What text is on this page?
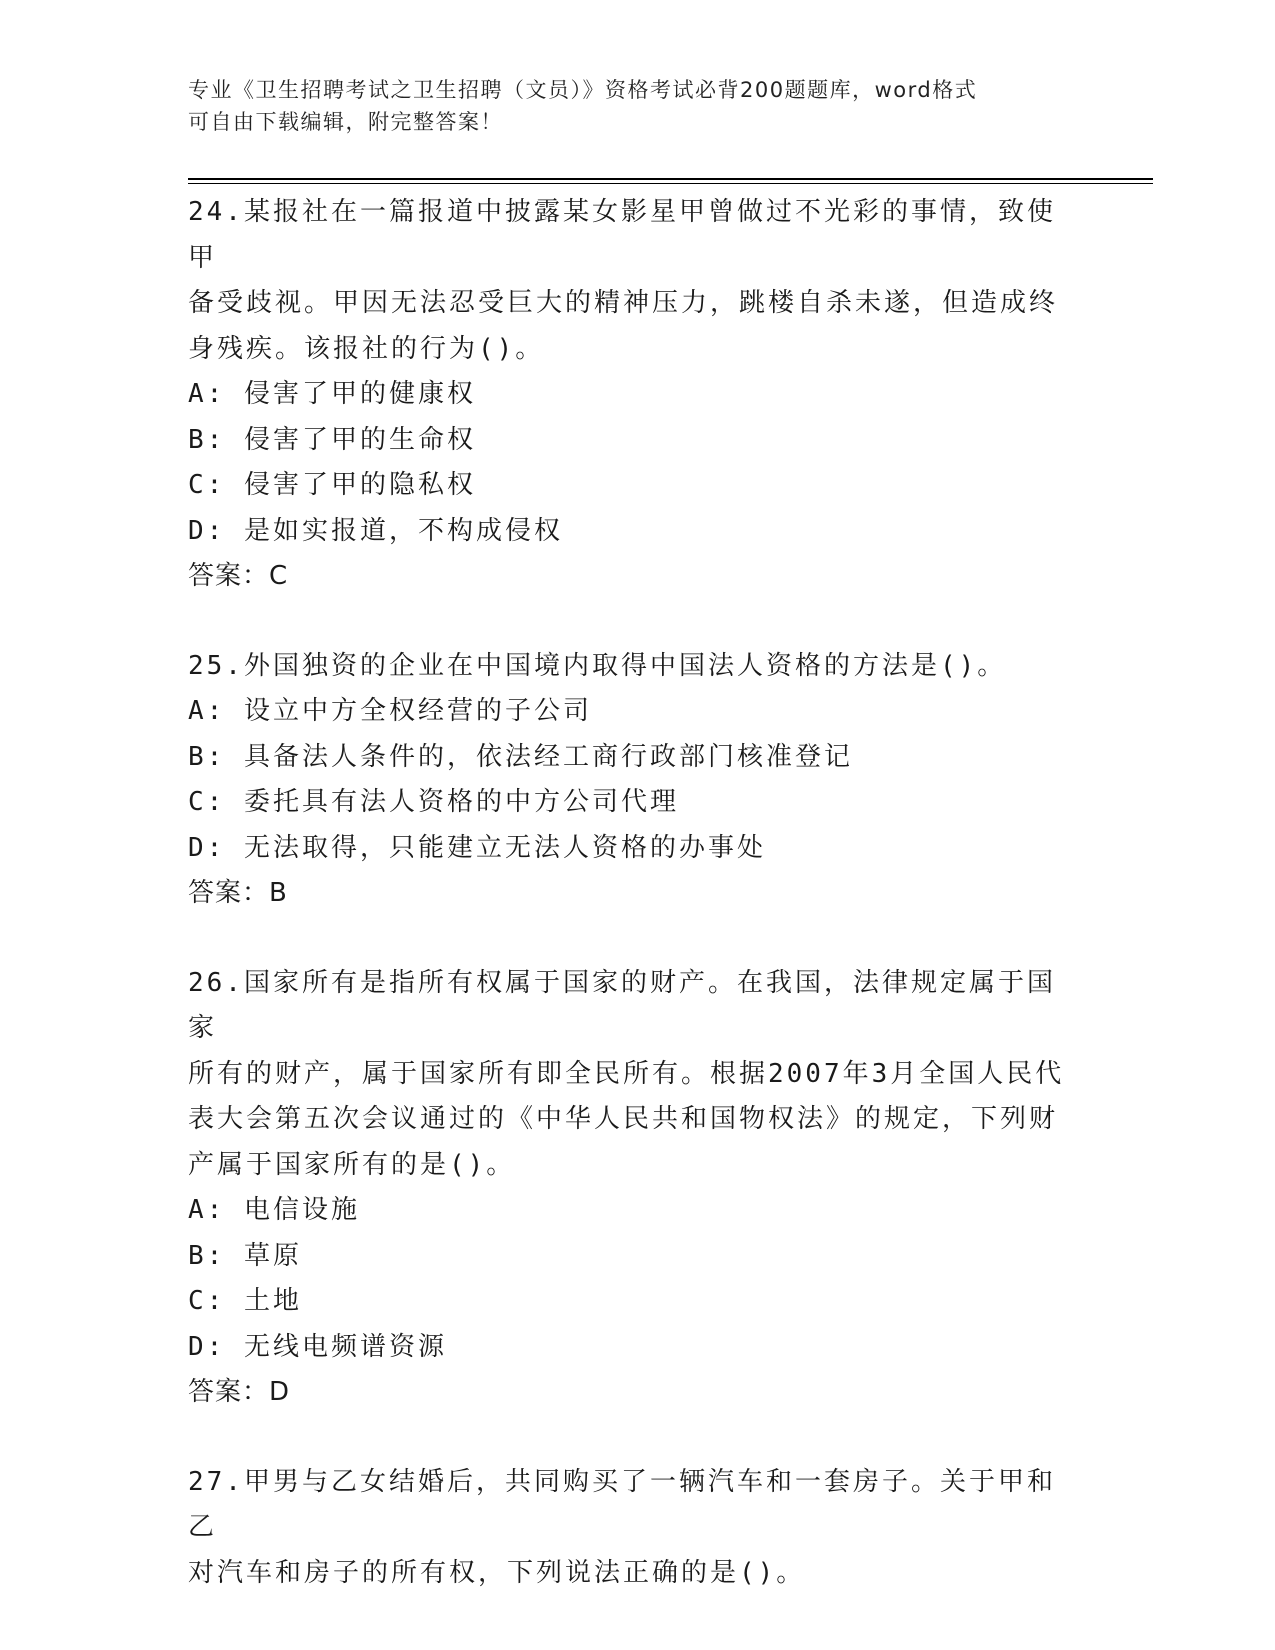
专业《卫生招聘考试之卫生招聘（文员）》资格考试必背200题题库，word格式
可自由下载编辑，附完整答案！
24.某报社在一篇报道中披露某女影星甲曾做过不光彩的事情，致使甲
备受歧视。甲因无法忍受巨大的精神压力，跳楼自杀未遂，但造成终
身残疾。该报社的行为()。
A: 侵害了甲的健康权
B: 侵害了甲的生命权
C: 侵害了甲的隐私权
D: 是如实报道，不构成侵权
答案：C
25.外国独资的企业在中国境内取得中国法人资格的方法是()。
A: 设立中方全权经营的子公司
B: 具备法人条件的，依法经工商行政部门核准登记
C: 委托具有法人资格的中方公司代理
D: 无法取得，只能建立无法人资格的办事处
答案：B
26.国家所有是指所有权属于国家的财产。在我国，法律规定属于国家
所有的财产，属于国家所有即全民所有。根据2007年3月全国人民代
表大会第五次会议通过的《中华人民共和国物权法》的规定，下列财
产属于国家所有的是()。
A: 电信设施
B: 草原
C: 土地
D: 无线电频谱资源
答案：D
27.甲男与乙女结婚后，共同购买了一辆汽车和一套房子。关于甲和乙
对汽车和房子的所有权，下列说法正确的是()。
